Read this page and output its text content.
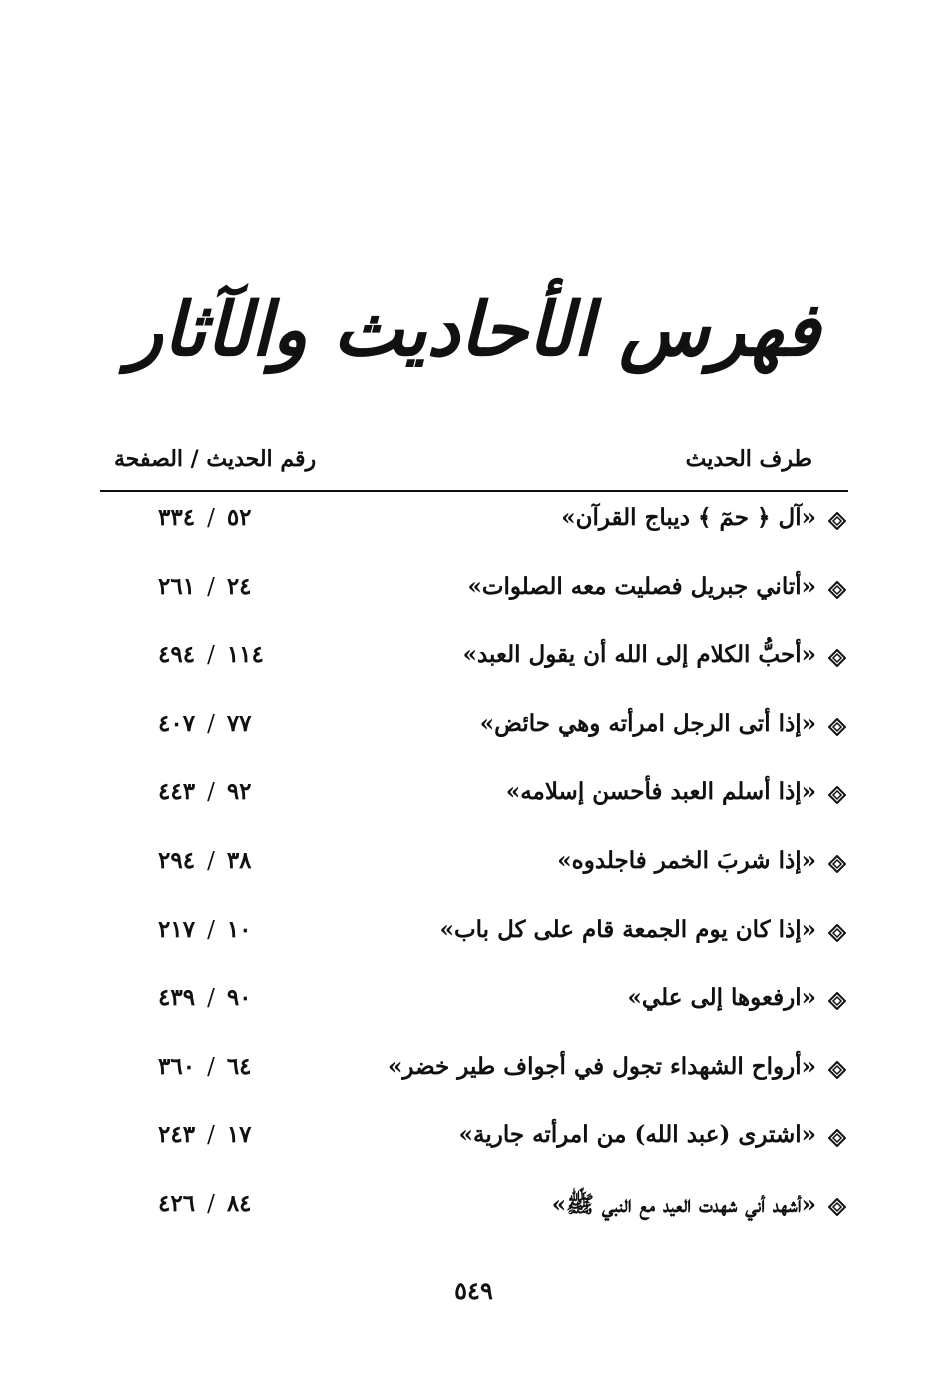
فهرس الأحاديث والآثار
طرف الحديث
رقم الحديث / الصفحة
«آل ﴿ حمٓ ﴾ ديباج القرآن»
٣٣٤ / ٥٢
«أتاني جبريل فصليت معه الصلوات»
٢٦١ / ٢٤
«أحبُّ الكلام إلى الله أن يقول العبد»
٤٩٤ / ١١٤
«إذا أتى الرجل امرأته وهي حائض»
٤٠٧ / ٧٧
«إذا أسلم العبد فأحسن إسلامه»
٤٤٣ / ٩٢
«إذا شربَ الخمر فاجلدوه»
٢٩٤ / ٣٨
«إذا كان يوم الجمعة قام على كل باب»
٢١٧ / ١٠
«ارفعوها إلى علي»
٤٣٩ / ٩٠
«أرواح الشهداء تجول في أجواف طير خضر»
٣٦٠ / ٦٤
«اشترى (عبد الله) من امرأته جارية»
٢٤٣ / ١٧
«أشهد أني شهدت العيد مع النبي ﷺ»
٤٢٦ / ٨٤
٥٤٩
